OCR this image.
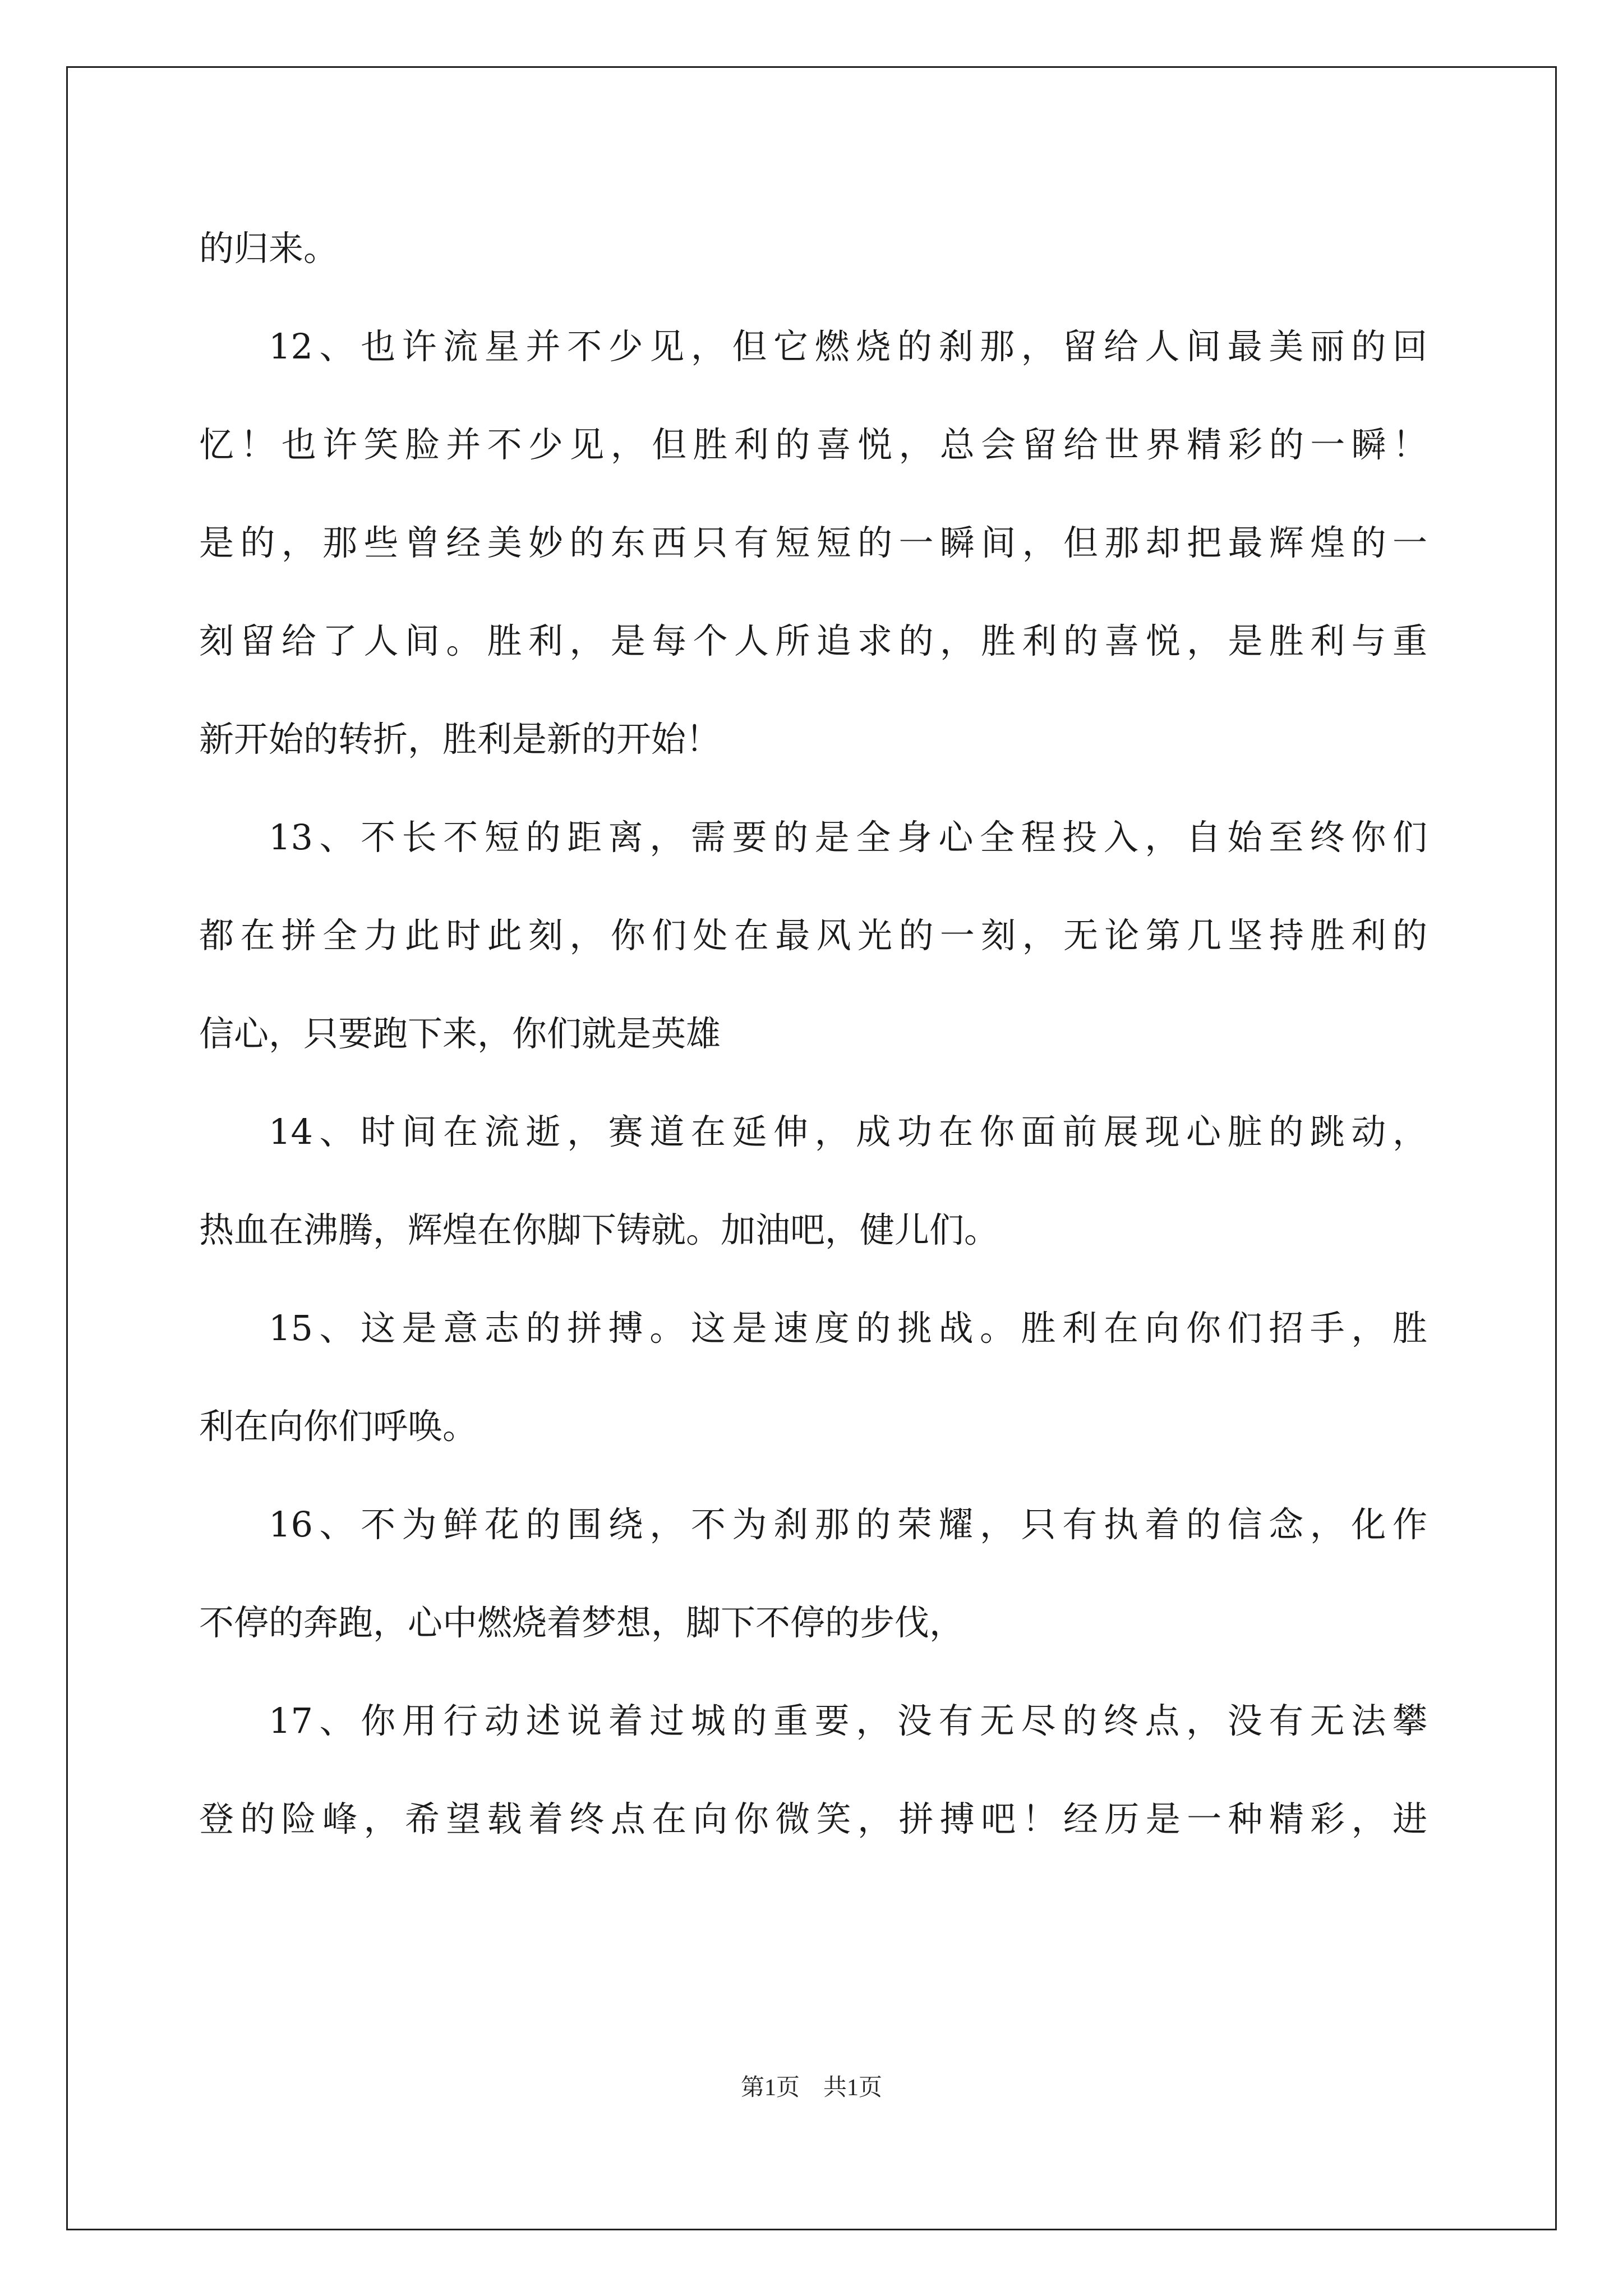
的归来。
12、也许流星并不少见，但它燃烧的刹那，留给人间最美丽的回
忆！也许笑脸并不少见，但胜利的喜悦，总会留给世界精彩的一瞬！
是的，那些曾经美妙的东西只有短短的一瞬间，但那却把最辉煌的一
刻留给了人间。胜利，是每个人所追求的，胜利的喜悦，是胜利与重
新开始的转折，胜利是新的开始！
13、不长不短的距离，需要的是全身心全程投入，自始至终你们
都在拼全力此时此刻，你们处在最风光的一刻，无论第几坚持胜利的
信心，只要跑下来，你们就是英雄
14、时间在流逝，赛道在延伸，成功在你面前展现心脏的跳动，
热血在沸腾，辉煌在你脚下铸就。加油吧，健儿们。
15、这是意志的拼搏。这是速度的挑战。胜利在向你们招手，胜
利在向你们呼唤。
16、不为鲜花的围绕，不为刹那的荣耀，只有执着的信念，化作
不停的奔跑，心中燃烧着梦想，脚下不停的步伐，
17、你用行动述说着过城的重要，没有无尽的终点，没有无法攀
登的险峰，希望载着终点在向你微笑，拼搏吧！经历是一种精彩，进
第1页　共1页
